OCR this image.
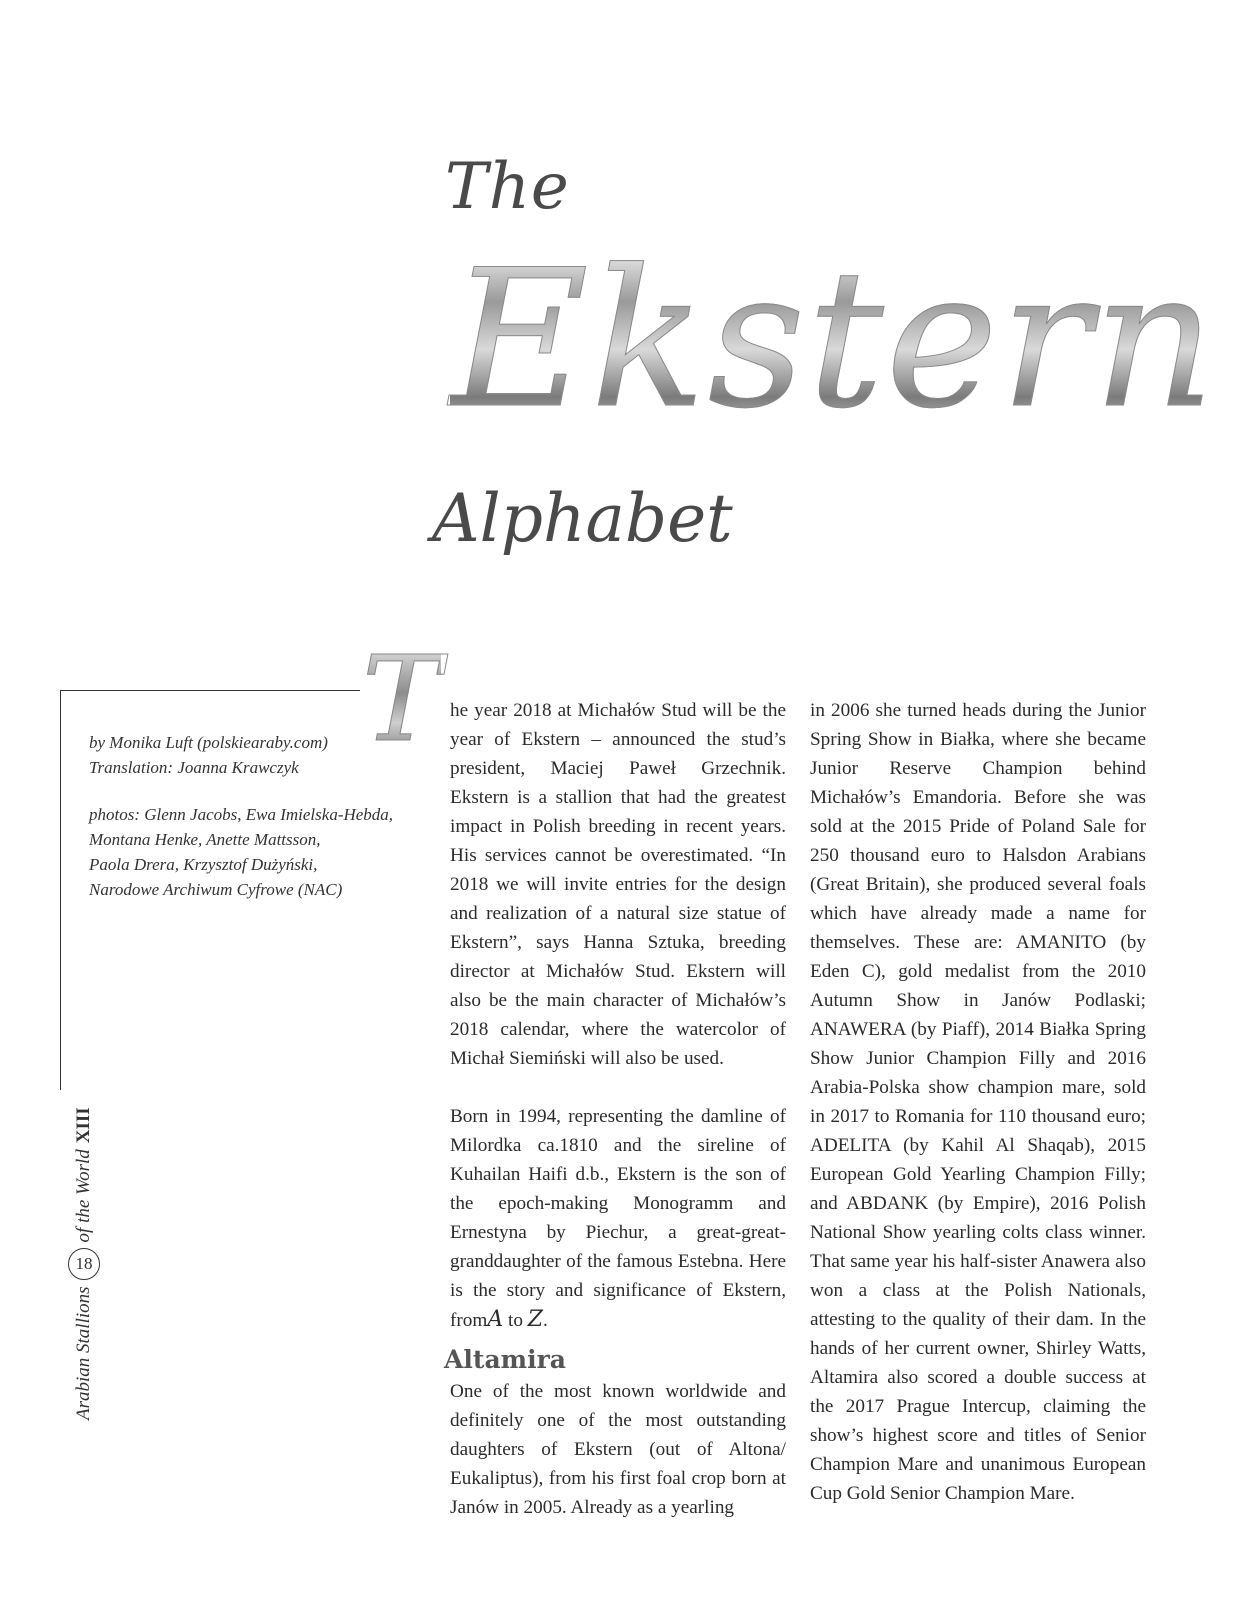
The
Ekstern
Alphabet

by Monika Luft (polskiearaby.com)
Translation: Joanna Krawczyk

photos: Glenn Jacobs, Ewa Imielska-Hebda,
Montana Henke, Anette Mattsson,
Paola Drera, Krzysztof Dużyński,
Narodowe Archiwum Cyfrowe (NAC)

Arabian Stallions
18
of the World
XIII
T he year 2018 at Michałów Stud will be the year of Ekstern – announced the stud’s president, Maciej Paweł Grzechnik. Ekstern is a stallion that had the greatest impact in Polish breeding in recent years. His services cannot be overestimated. “In 2018 we will invite entries for the design and realization of a natural size statue of Ekstern”, says Hanna Sztuka, breeding director at Michałów Stud. Ekstern will also be the main character of Michałów’s 2018 calendar, where the watercolor of Michał Siemiński will also be used.

Born in 1994, representing the damline of Milordka ca.1810 and the sireline of Kuhailan Haifi d.b., Ekstern is the son of the epoch-making Monogramm and Ernestyna by Piechur, a great-great-granddaughter of the famous Estebna. Here is the story and significance of Ekstern, fromA to Z.

Altamira

One of the most known worldwide and definitely one of the most outstanding daughters of Ekstern (out of Altona/ Eukaliptus), from his first foal crop born at Janów in 2005. Already as a yearling

in 2006 she turned heads during the Junior Spring Show in Białka, where she became Junior Reserve Champion behind Michałów’s Emandoria. Before she was sold at the 2015 Pride of Poland Sale for 250 thousand euro to Halsdon Arabians (Great Britain), she produced several foals which have already made a name for themselves. These are: AMANITO (by Eden C), gold medalist from the 2010 Autumn Show in Janów Podlaski; ANAWERA (by Piaff), 2014 Białka Spring Show Junior Champion Filly and 2016 Arabia-Polska show champion mare, sold in 2017 to Romania for 110 thousand euro; ADELITA (by Kahil Al Shaqab), 2015 European Gold Yearling Champion Filly; and ABDANK (by Empire), 2016 Polish National Show yearling colts class winner. That same year his half-sister Anawera also won a class at the Polish Nationals, attesting to the quality of their dam. In the hands of her current owner, Shirley Watts, Altamira also scored a double success at the 2017 Prague Intercup, claiming the show’s highest score and titles of Senior Champion Mare and unanimous European Cup Gold Senior Champion Mare.
